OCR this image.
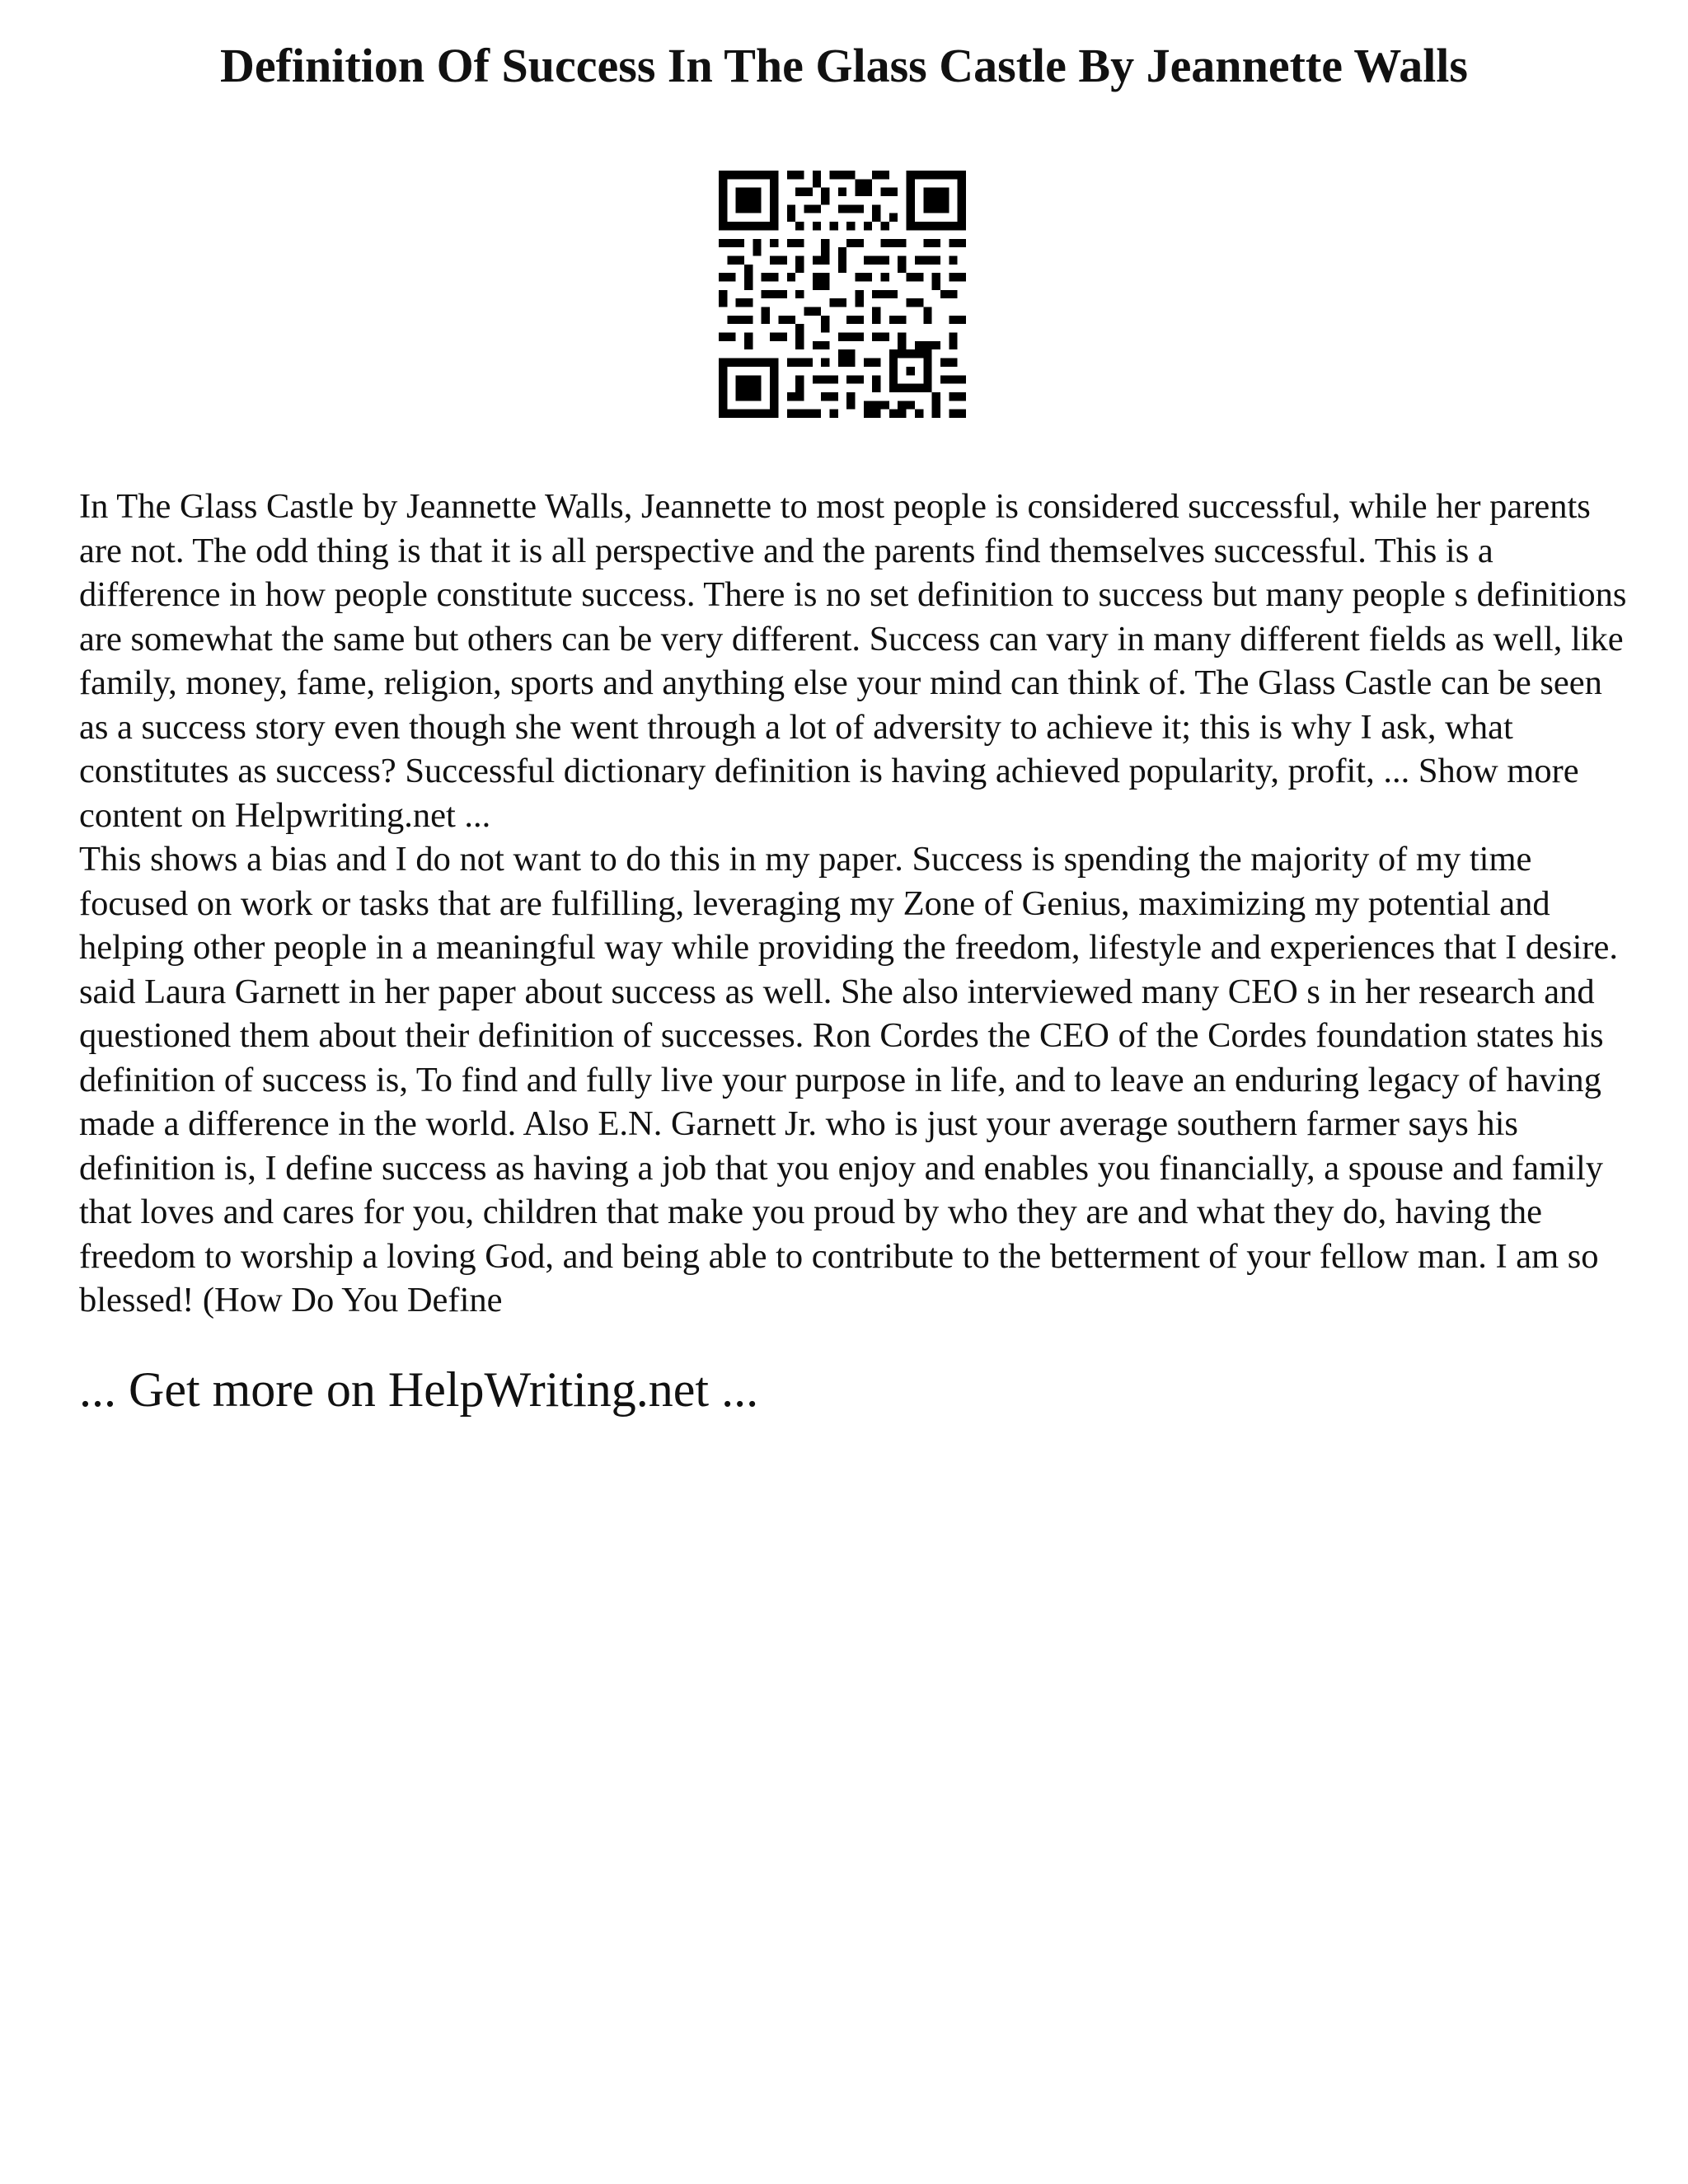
Definition Of Success In The Glass Castle By Jeannette Walls

In The Glass Castle by Jeannette Walls, Jeannette to most people is considered successful, while her parents are not. The odd thing is that it is all perspective and the parents find themselves successful. This is a difference in how people constitute success. There is no set definition to success but many people s definitions are somewhat the same but others can be very different. Success can vary in many different fields as well, like family, money, fame, religion, sports and anything else your mind can think of. The Glass Castle can be seen as a success story even though she went through a lot of adversity to achieve it; this is why I ask, what constitutes as success? Successful dictionary definition is having achieved popularity, profit, ... Show more content on Helpwriting.net ...

This shows a bias and I do not want to do this in my paper. Success is spending the majority of my time focused on work or tasks that are fulfilling, leveraging my Zone of Genius, maximizing my potential and helping other people in a meaningful way while providing the freedom, lifestyle and experiences that I desire. said Laura Garnett in her paper about success as well. She also interviewed many CEO s in her research and questioned them about their definition of successes. Ron Cordes the CEO of the Cordes foundation states his definition of success is, To find and fully live your purpose in life, and to leave an enduring legacy of having made a difference in the world. Also E.N. Garnett Jr. who is just your average southern farmer says his definition is, I define success as having a job that you enjoy and enables you financially, a spouse and family that loves and cares for you, children that make you proud by who they are and what they do, having the freedom to worship a loving God, and being able to contribute to the betterment of your fellow man. I am so blessed! (How Do You Define

... Get more on HelpWriting.net ...
